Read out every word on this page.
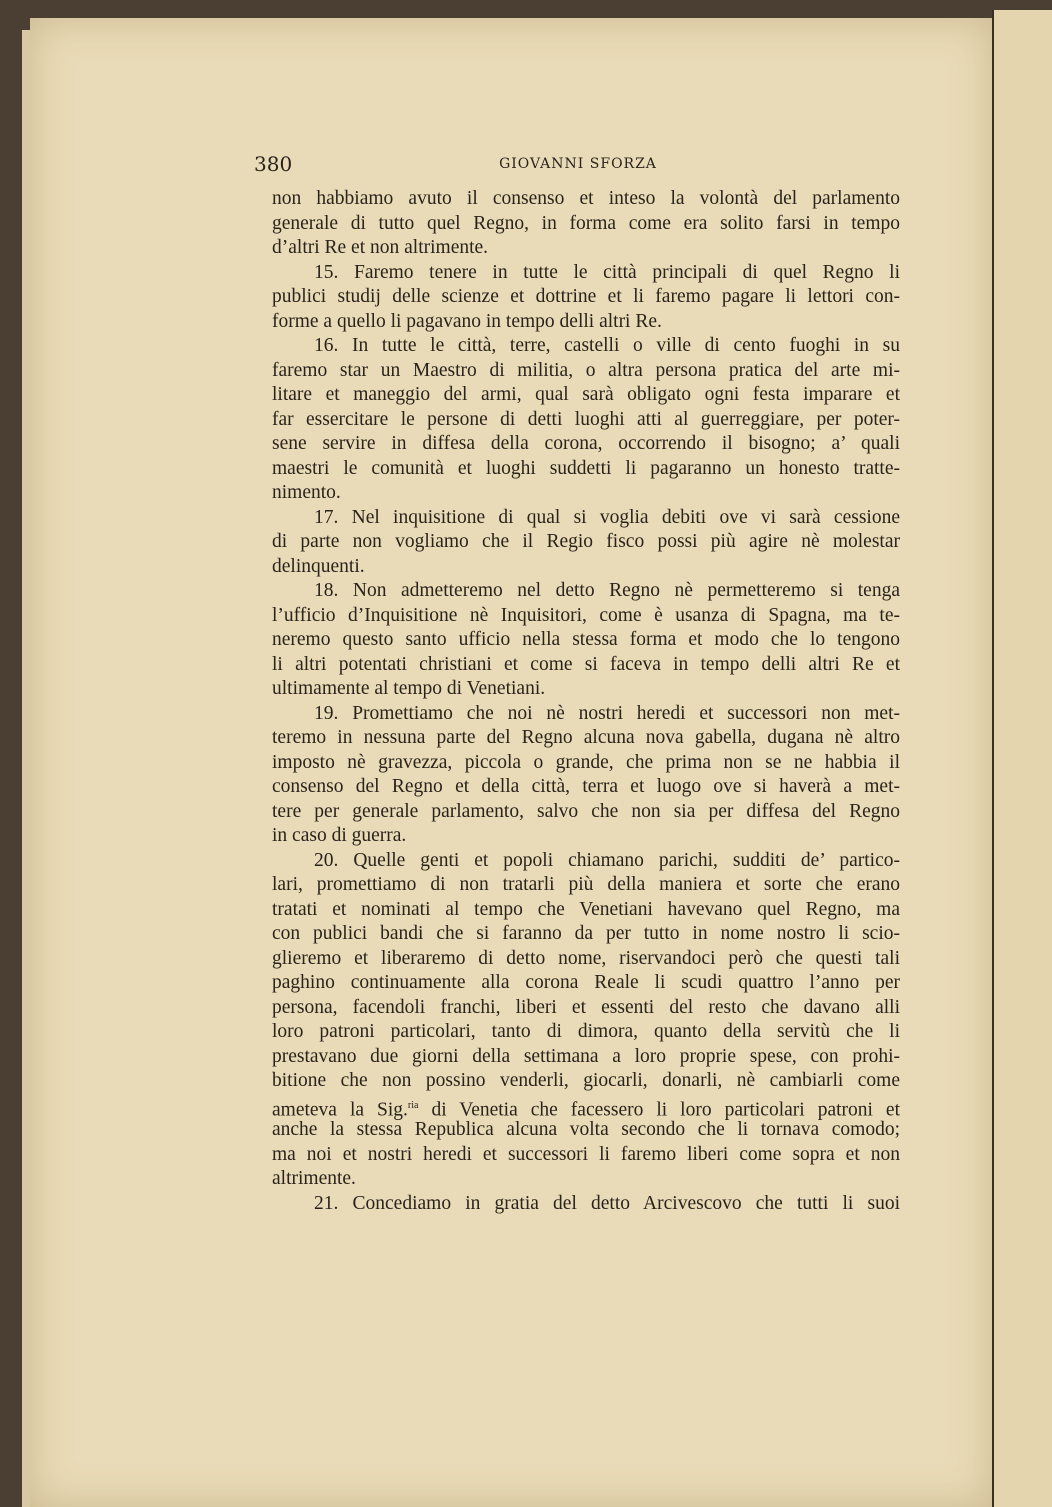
380	GIOVANNI SFORZA
non habbiamo avuto il consenso et inteso la volontà del parlamento
generale di tutto quel Regno, in forma come era solito farsi in tempo
d’altri Re et non altrimente.
15. Faremo tenere in tutte le città principali di quel Regno li
publici studij delle scienze et dottrine et li faremo pagare li lettori con-
forme a quello li pagavano in tempo delli altri Re.
16. In tutte le città, terre, castelli o ville di cento fuoghi in su
faremo star un Maestro di militia, o altra persona pratica del arte mi-
litare et maneggio del armi, qual sarà obligato ogni festa imparare et
far essercitare le persone di detti luoghi atti al guerreggiare, per poter-
sene servire in diffesa della corona, occorrendo il bisogno; a’ quali
maestri le comunità et luoghi suddetti li pagaranno un honesto tratte-
nimento.
17. Nel inquisitione di qual si voglia debiti ove vi sarà cessione
di parte non vogliamo che il Regio fisco possi più agire nè molestar
delinquenti.
18. Non admetteremo nel detto Regno nè permetteremo si tenga
l’ufficio d’Inquisitione nè Inquisitori, come è usanza di Spagna, ma te-
neremo questo santo ufficio nella stessa forma et modo che lo tengono
li altri potentati christiani et come si faceva in tempo delli altri Re et
ultimamente al tempo di Venetiani.
19. Promettiamo che noi nè nostri heredi et successori non met-
teremo in nessuna parte del Regno alcuna nova gabella, dugana nè altro
imposto nè gravezza, piccola o grande, che prima non se ne habbia il
consenso del Regno et della città, terra et luogo ove si haverà a met-
tere per generale parlamento, salvo che non sia per diffesa del Regno
in caso di guerra.
20. Quelle genti et popoli chiamano parichi, sudditi de’ partico-
lari, promettiamo di non tratarli più della maniera et sorte che erano
tratati et nominati al tempo che Venetiani havevano quel Regno, ma
con publici bandi che si faranno da per tutto in nome nostro li scio-
glieremo et liberaremo di detto nome, riservandoci però che questi tali
paghino continuamente alla corona Reale li scudi quattro l’anno per
persona, facendoli franchi, liberi et essenti del resto che davano alli
loro patroni particolari, tanto di dimora, quanto della servitù che li
prestavano due giorni della settimana a loro proprie spese, con prohi-
bitione che non possino venderli, giocarli, donarli, nè cambiarli come
ameteva la Sig.$^{ria}$ di Venetia che facessero li loro particolari patroni et
anche la stessa Republica alcuna volta secondo che li tornava comodo;
ma noi et nostri heredi et successori li faremo liberi come sopra et non
altrimente.
21. Concediamo in gratia del detto Arcivescovo che tutti li suoi
